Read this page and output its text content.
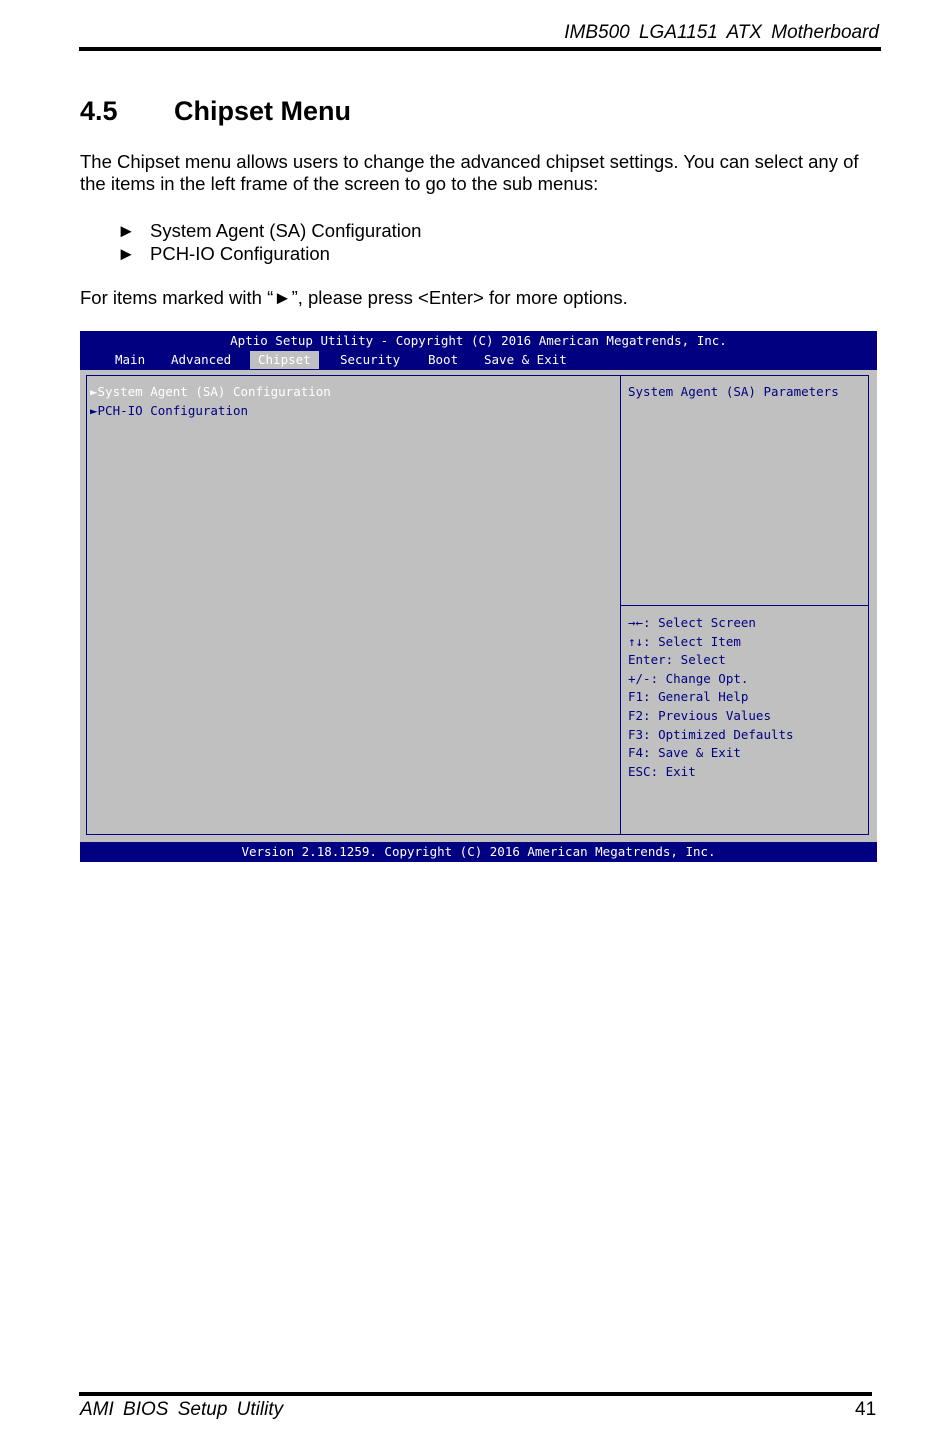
IMB500 LGA1151 ATX Motherboard
4.5 Chipset Menu
The Chipset menu allows users to change the advanced chipset settings. You can select any of the items in the left frame of the screen to go to the sub menus:
► System Agent (SA) Configuration
► PCH-IO Configuration
For items marked with “►”, please press <Enter> for more options.
Aptio Setup Utility - Copyright (C) 2016 American Megatrends, Inc.
Main	Advanced	Chipset	Security	Boot	Save & Exit
►System Agent (SA) Configuration
►PCH-IO Configuration
System Agent (SA) Parameters
→←: Select Screen
↑↓: Select Item
Enter: Select
+/-: Change Opt.
F1: General Help
F2: Previous Values
F3: Optimized Defaults
F4: Save & Exit
ESC: Exit
Version 2.18.1259. Copyright (C) 2016 American Megatrends, Inc.
AMI BIOS Setup Utility	41
